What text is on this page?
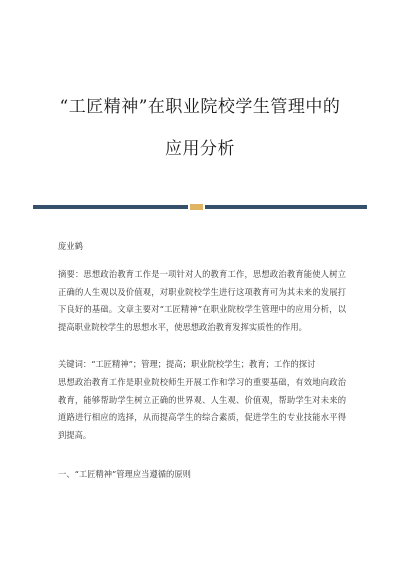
“工匠精神”在职业院校学生管理中的
应用分析
庞业鹤
摘要：思想政治教育工作是一项针对人的教育工作，思想政治教育能使人树立正确的人生观以及价值观，对职业院校学生进行这项教育可为其未来的发展打下良好的基础。文章主要对“工匠精神”在职业院校学生管理中的应用分析，以提高职业院校学生的思想水平，使思想政治教育发挥实质性的作用。
关键词：“工匠精神”；管理；提高；职业院校学生；教育；工作的探讨
思想政治教育工作是职业院校师生开展工作和学习的重要基础，有效地向政治教育，能够帮助学生树立正确的世界观、人生观、价值观，帮助学生对未来的道路进行相应的选择，从而提高学生的综合素质，促进学生的专业技能水平得到提高。
一、“工匠精神”管理应当遵循的原则
